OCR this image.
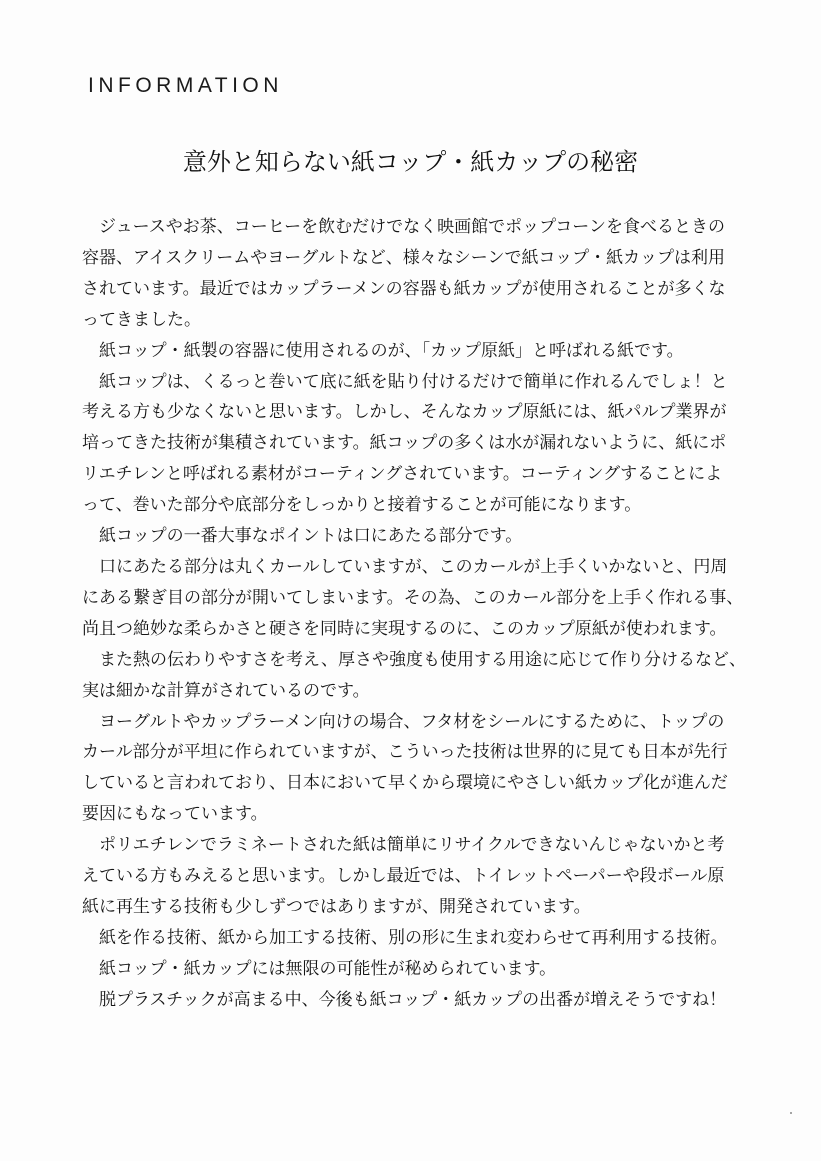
INFORMATION
意外と知らない紙コップ・紙カップの秘密

ジュースやお茶、コーヒーを飲むだけでなく映画館でポップコーンを食べるときの
容器、アイスクリームやヨーグルトなど、様々なシーンで紙コップ・紙カップは利用
されています。最近ではカップラーメンの容器も紙カップが使用されることが多くな
ってきました。

紙コップ・紙製の容器に使用されるのが、「カップ原紙」と呼ばれる紙です。

紙コップは、くるっと巻いて底に紙を貼り付けるだけで簡単に作れるんでしょ！と
考える方も少なくないと思います。しかし、そんなカップ原紙には、紙パルプ業界が
培ってきた技術が集積されています。紙コップの多くは水が漏れないように、紙にポ
リエチレンと呼ばれる素材がコーティングされています。コーティングすることによ
って、巻いた部分や底部分をしっかりと接着することが可能になります。

紙コップの一番大事なポイントは口にあたる部分です。

口にあたる部分は丸くカールしていますが、このカールが上手くいかないと、円周
にある繋ぎ目の部分が開いてしまいます。その為、このカール部分を上手く作れる事、
尚且つ絶妙な柔らかさと硬さを同時に実現するのに、このカップ原紙が使われます。

また熱の伝わりやすさを考え、厚さや強度も使用する用途に応じて作り分けるなど、
実は細かな計算がされているのです。

ヨーグルトやカップラーメン向けの場合、フタ材をシールにするために、トップの
カール部分が平坦に作られていますが、こういった技術は世界的に見ても日本が先行
していると言われており、日本において早くから環境にやさしい紙カップ化が進んだ
要因にもなっています。

ポリエチレンでラミネートされた紙は簡単にリサイクルできないんじゃないかと考
えている方もみえると思います。しかし最近では、トイレットペーパーや段ボール原
紙に再生する技術も少しずつではありますが、開発されています。

紙を作る技術、紙から加工する技術、別の形に生まれ変わらせて再利用する技術。

紙コップ・紙カップには無限の可能性が秘められています。

脱プラスチックが高まる中、今後も紙コップ・紙カップの出番が増えそうですね！
